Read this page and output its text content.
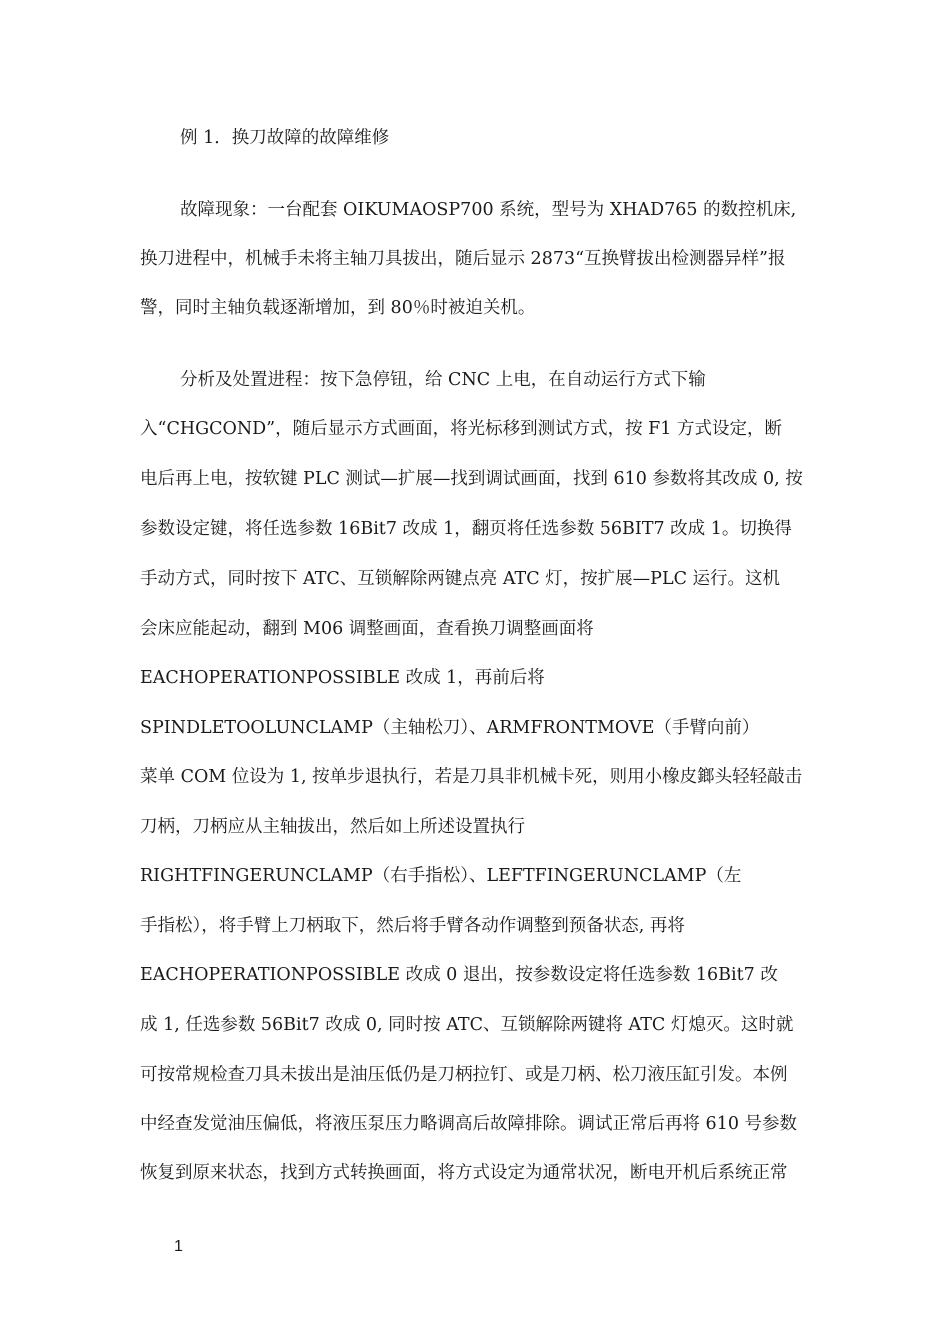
例 1．换刀故障的故障维修
故障现象：一台配套 OIKUMAOSP700 系统，型号为 XHAD765 的数控机床,
换刀进程中，机械手未将主轴刀具拔出，随后显示 2873“互换臂拔出检测器异样”报
警，同时主轴负载逐渐增加，到 80％时被迫关机。
分析及处置进程：按下急停钮，给 CNC 上电，在自动运行方式下输
入“CHGCOND”，随后显示方式画面，将光标移到测试方式，按 F1 方式设定，断
电后再上电，按软键 PLC 测试—扩展—找到调试画面，找到 610 参数将其改成 0, 按
参数设定键，将任选参数 16Bit7 改成 1，翻页将任选参数 56BIT7 改成 1。切换得
手动方式，同时按下 ATC、互锁解除两键点亮 ATC 灯，按扩展—PLC 运行。这机
会床应能起动，翻到 M06 调整画面，查看换刀调整画面将
EACHOPERATIONPOSSIBLE 改成 1，再前后将
SPINDLETOOLUNCLAMP（主轴松刀）、ARMFRONTMOVE（手臂向前）
菜单 COM 位设为 1, 按单步退执行，若是刀具非机械卡死，则用小橡皮鎯头轻轻敲击
刀柄，刀柄应从主轴拔出，然后如上所述设置执行
RIGHTFINGERUNCLAMP（右手指松）、LEFTFINGERUNCLAMP（左
手指松），将手臂上刀柄取下，然后将手臂各动作调整到预备状态, 再将
EACHOPERATIONPOSSIBLE 改成 0 退出，按参数设定将任选参数 16Bit7 改
成 1, 任选参数 56Bit7 改成 0, 同时按 ATC、互锁解除两键将 ATC 灯熄灭。这时就
可按常规检查刀具未拔出是油压低仍是刀柄拉钉、或是刀柄、松刀液压缸引发。本例
中经查发觉油压偏低，将液压泵压力略调高后故障排除。调试正常后再将 610 号参数
恢复到原来状态，找到方式转换画面，将方式设定为通常状况，断电开机后系统正常
1
